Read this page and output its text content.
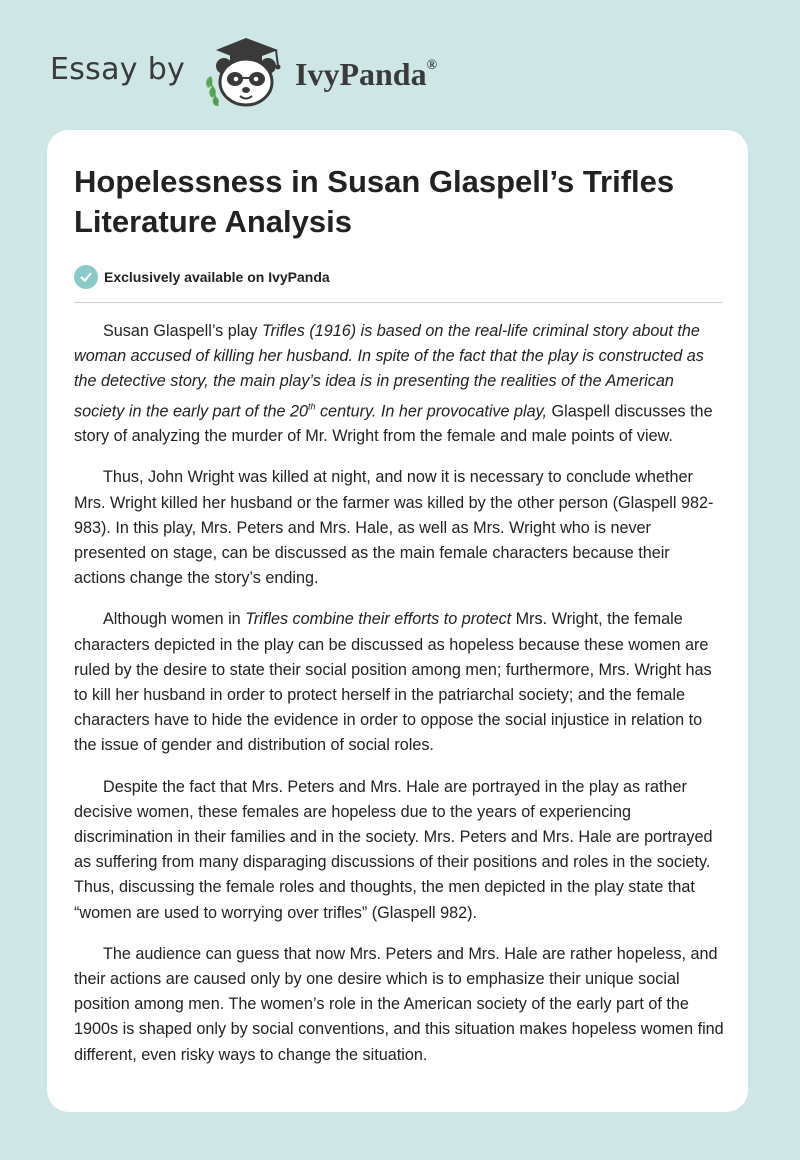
Essay by	IvyPanda®
Hopelessness in Susan Glaspell’s Trifles Literature Analysis
Exclusively available on IvyPanda

Susan Glaspell’s play Trifles (1916) is based on the real-life criminal story about the woman accused of killing her husband. In spite of the fact that the play is constructed as the detective story, the main play’s idea is in presenting the realities of the American society in the early part of the 20th century. In her provocative play, Glaspell discusses the story of analyzing the murder of Mr. Wright from the female and male points of view.

Thus, John Wright was killed at night, and now it is necessary to conclude whether Mrs. Wright killed her husband or the farmer was killed by the other person (Glaspell 982-983). In this play, Mrs. Peters and Mrs. Hale, as well as Mrs. Wright who is never presented on stage, can be discussed as the main female characters because their actions change the story’s ending.

Although women in Trifles combine their efforts to protect Mrs. Wright, the female characters depicted in the play can be discussed as hopeless because these women are ruled by the desire to state their social position among men; furthermore, Mrs. Wright has to kill her husband in order to protect herself in the patriarchal society; and the female characters have to hide the evidence in order to oppose the social injustice in relation to the issue of gender and distribution of social roles.

Despite the fact that Mrs. Peters and Mrs. Hale are portrayed in the play as rather decisive women, these females are hopeless due to the years of experiencing discrimination in their families and in the society. Mrs. Peters and Mrs. Hale are portrayed as suffering from many disparaging discussions of their positions and roles in the society. Thus, discussing the female roles and thoughts, the men depicted in the play state that “women are used to worrying over trifles” (Glaspell 982).

The audience can guess that now Mrs. Peters and Mrs. Hale are rather hopeless, and their actions are caused only by one desire which is to emphasize their unique social position among men. The women’s role in the American society of the early part of the 1900s is shaped only by social conventions, and this situation makes hopeless women find different, even risky ways to change the situation.
